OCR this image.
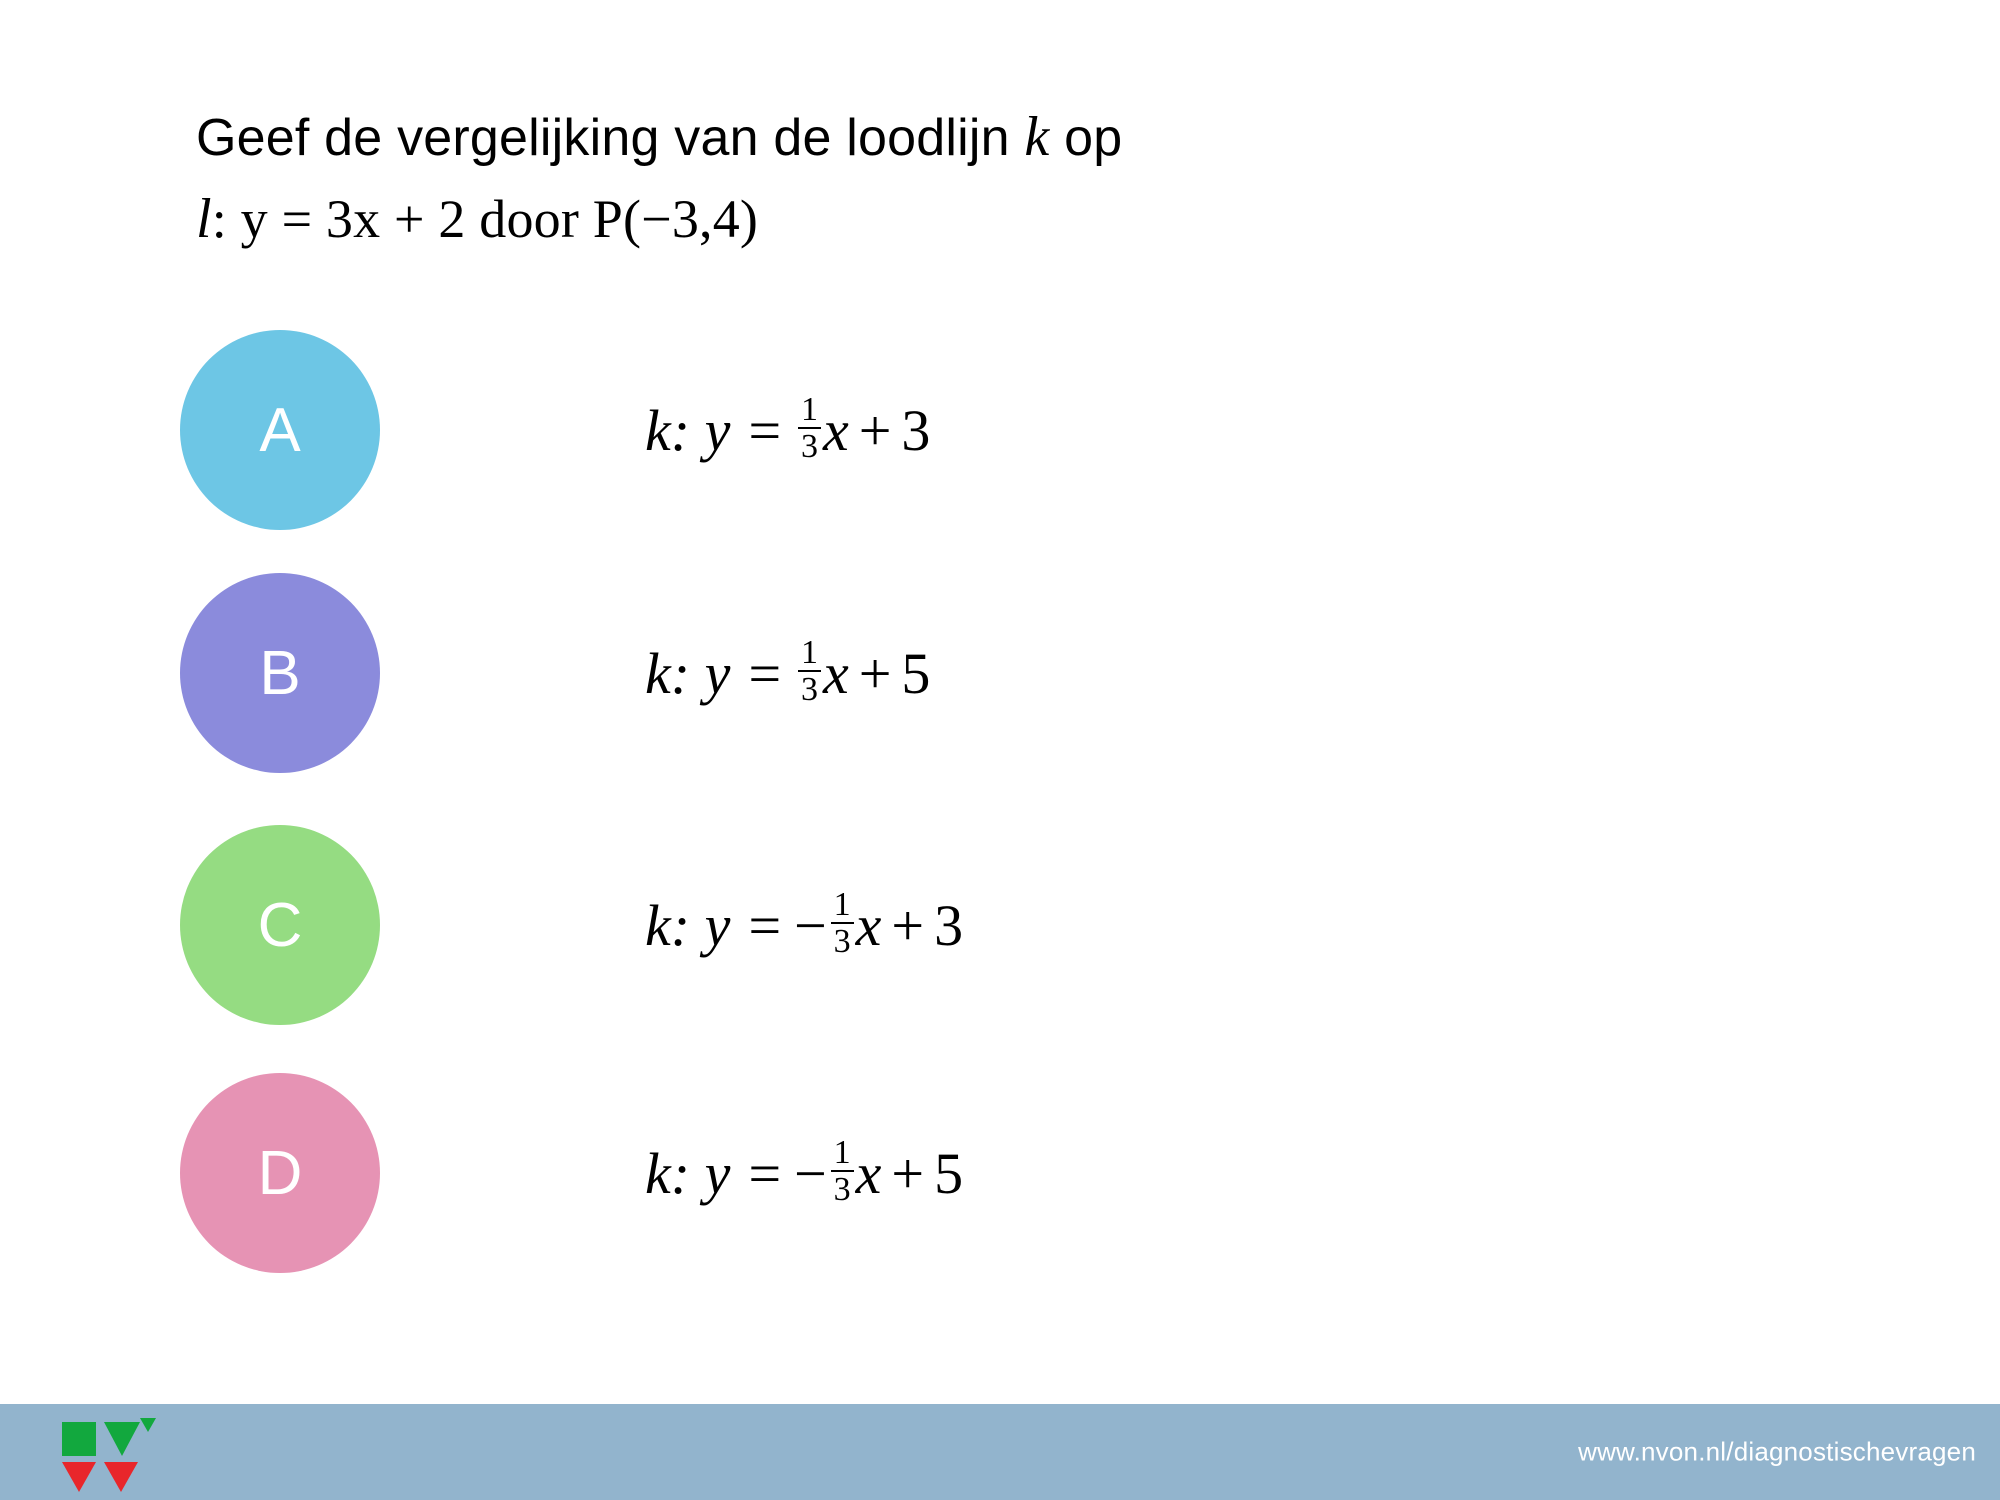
Geef de vergelijking van de loodlijn k op
l: y = 3x + 2 door P(−3,4)
A	k : $y = \frac{1}{3}$ x + 3
B	k : $y = \frac{1}{3}$ x + 5
C	k : y = − $\frac{1}{3}$ x + 3
D	k : y = − $\frac{1}{3}$ x + 5
www.nvon.nl/diagnostischevragen
